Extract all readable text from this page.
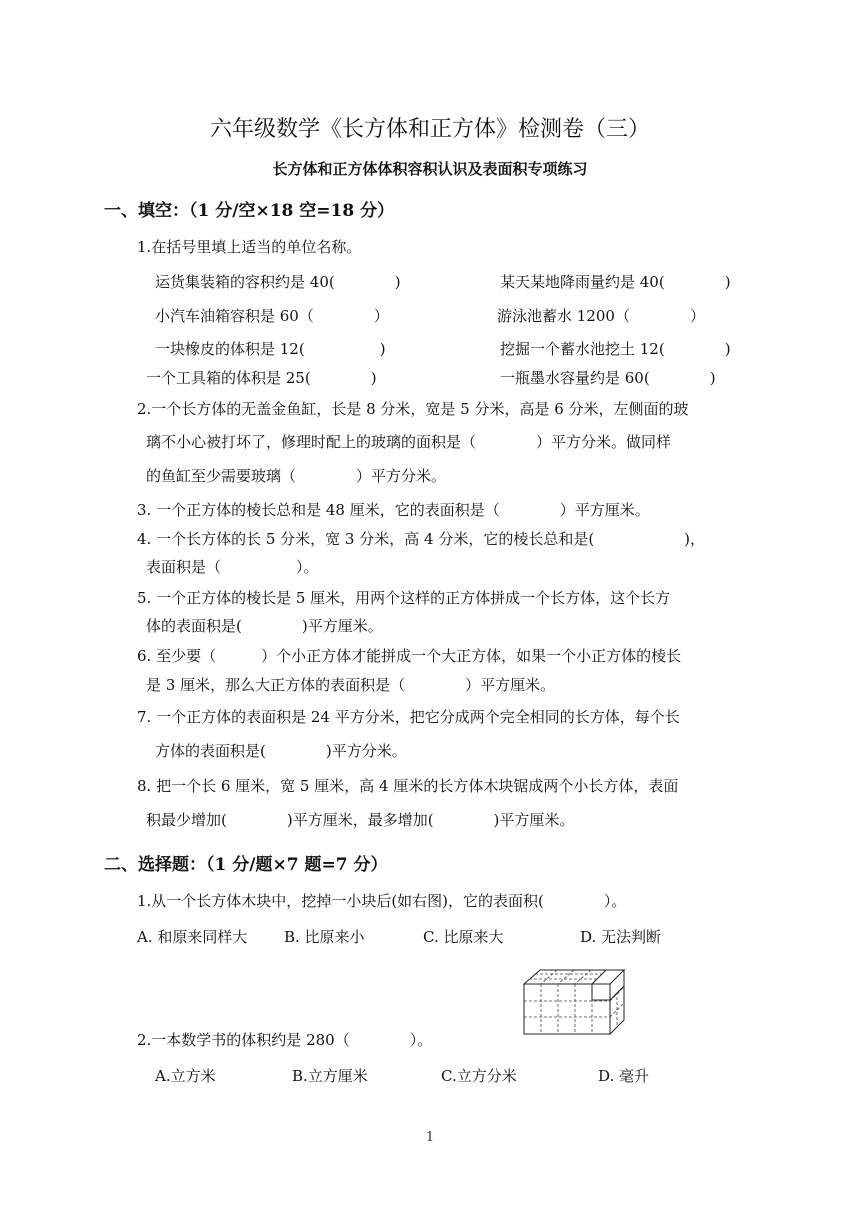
六年级数学《长方体和正方体》检测卷（三）
长方体和正方体体积容积认识及表面积专项练习
一、填空：（1 分/空×18 空=18 分）
1.在括号里填上适当的单位名称。
运货集装箱的容积约是 40(　　　　)	某天某地降雨量约是 40(　　　　)
小汽车油箱容积是 60（　　　　）	游泳池蓄水 1200（　　　　）
一块橡皮的体积是 12(　　　　　)	挖掘一个蓄水池挖土 12(　　　　)
一个工具箱的体积是 25(　　　　)	一瓶墨水容量约是 60(　　　　)
2.一个长方体的无盖金鱼缸，长是 8 分米，宽是 5 分米，高是 6 分米，左侧面的玻
璃不小心被打坏了，修理时配上的玻璃的面积是（　　　　）平方分米。做同样
的鱼缸至少需要玻璃（　　　　）平方分米。
3. 一个正方体的棱长总和是 48 厘米，它的表面积是（　　　　）平方厘米。
4. 一个长方体的长 5 分米，宽 3 分米，高 4 分米，它的棱长总和是(　　　　　　)，
表面积是（　　　　　）。
5. 一个正方体的棱长是 5 厘米，用两个这样的正方体拼成一个长方体，这个长方
体的表面积是(　　　　)平方厘米。
6. 至少要（　　　）个小正方体才能拼成一个大正方体，如果一个小正方体的棱长
是 3 厘米，那么大正方体的表面积是（　　　　）平方厘米。
7. 一个正方体的表面积是 24 平方分米，把它分成两个完全相同的长方体，每个长
方体的表面积是(　　　　)平方分米。
8. 把一个长 6 厘米，宽 5 厘米，高 4 厘米的长方体木块锯成两个小长方体，表面
积最少增加(　　　　)平方厘米，最多增加(　　　　)平方厘米。
二、选择题：（1 分/题×7 题=7 分）
1.从一个长方体木块中，挖掉一小块后(如右图)，它的表面积(　　　　）。
A. 和原来同样大 B. 比原来小	C. 比原来大	D. 无法判断
2.一本数学书的体积约是 280（　　　　）。
A.立方米	B.立方厘米	C.立方分米	D. 毫升
1
